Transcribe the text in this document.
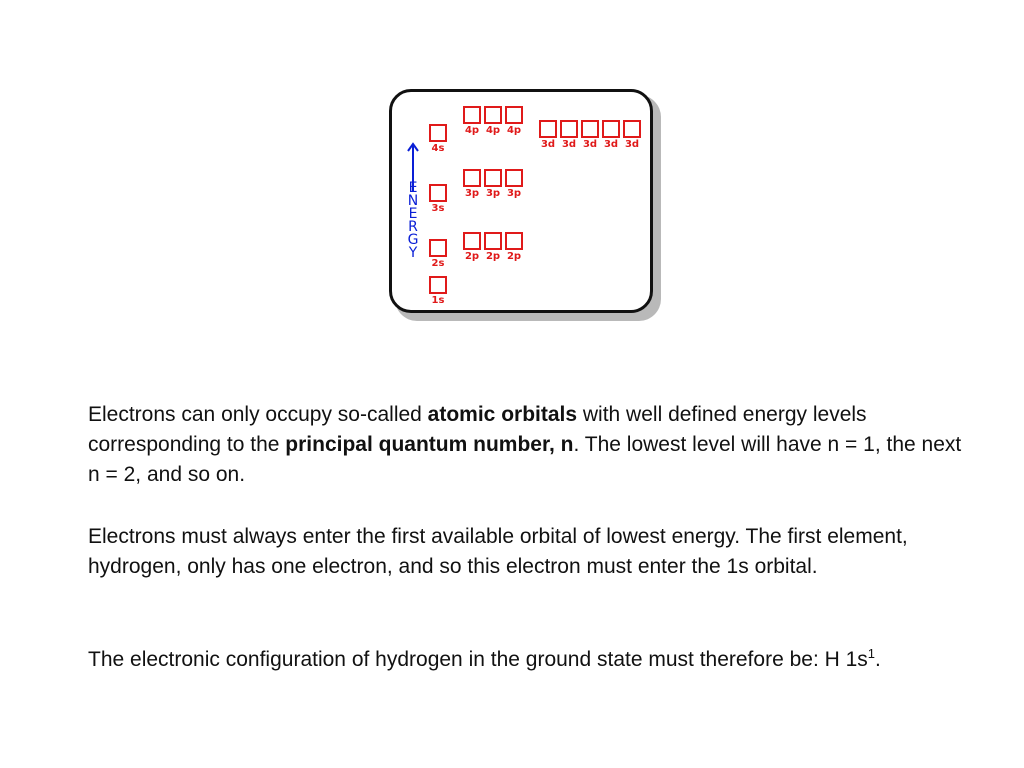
E
N
E
R
G
Y
4s
3s
2s
1s
4p 4p 4p
3p 3p 3p
2p 2p 2p
3d 3d 3d 3d 3d
Electrons can only occupy so-called atomic orbitals with well defined energy levels corresponding to the principal quantum number, n. The lowest level will have n = 1, the next n = 2, and so on.
Electrons must always enter the first available orbital of lowest energy. The first element, hydrogen, only has one electron, and so this electron must enter the 1s orbital.
The electronic configuration of hydrogen in the ground state must therefore be: H $1s^1$.
